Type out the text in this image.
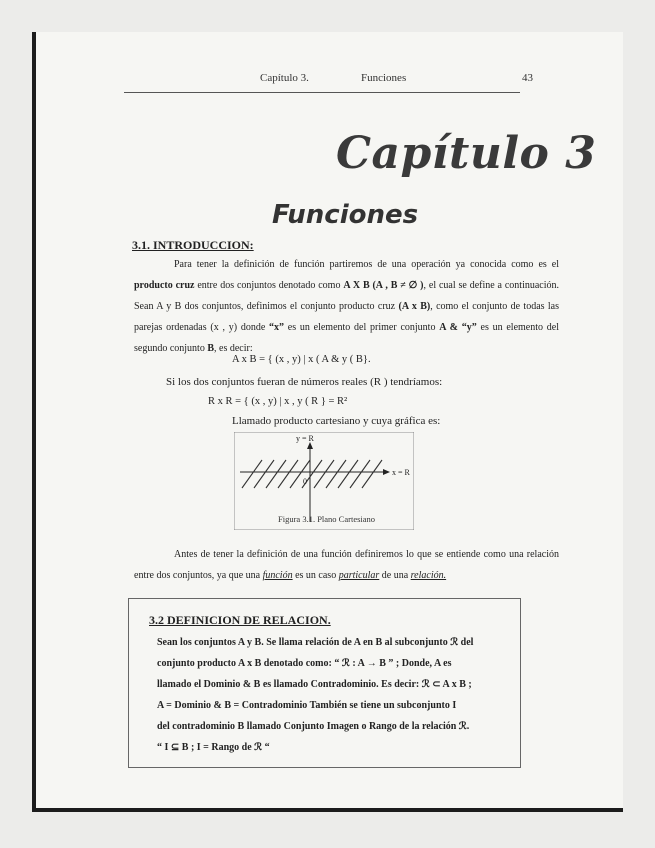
Capítulo 3.	Funciones	43
Capítulo 3
Funciones
3.1. INTRODUCCION:
Para tener la definición de función partiremos de una operación ya conocida como es el producto cruz entre dos conjuntos denotado como A X B (A , B ≠ ∅ ), el cual se define a continuación. Sean A y B dos conjuntos, definimos el conjunto producto cruz (A x B), como el conjunto de todas las parejas ordenadas (x , y) donde “x” es un elemento del primer conjunto A & “y” es un elemento del segundo conjunto B, es decir:
A x B = { (x , y) | x ( A & y ( B}.
Si los dos conjuntos fueran de números reales (R ) tendríamos:
R x R = { (x , y) | x , y ( R } = R²
Llamado producto cartesiano y cuya gráfica es:
y = R
x = R
0
Figura 3.1. Plano Cartesiano
Antes de tener la definición de una función definiremos lo que se entiende como una relación entre dos conjuntos, ya que una función es un caso particular de una relación.
3.2 DEFINICION DE RELACION.
Sean los conjuntos A y B. Se llama relación de A en B al subconjunto ℛ del
conjunto producto A x B denotado como: “ ℛ : A → B ” ; Donde, A es
llamado el Dominio & B es llamado Contradominio. Es decir: ℛ ⊂ A x B ;
A = Dominio & B = Contradominio También se tiene un subconjunto I
del contradominio B llamado Conjunto Imagen o Rango de la relación ℛ.
“ I ⊆ B ; I = Rango de ℛ “
